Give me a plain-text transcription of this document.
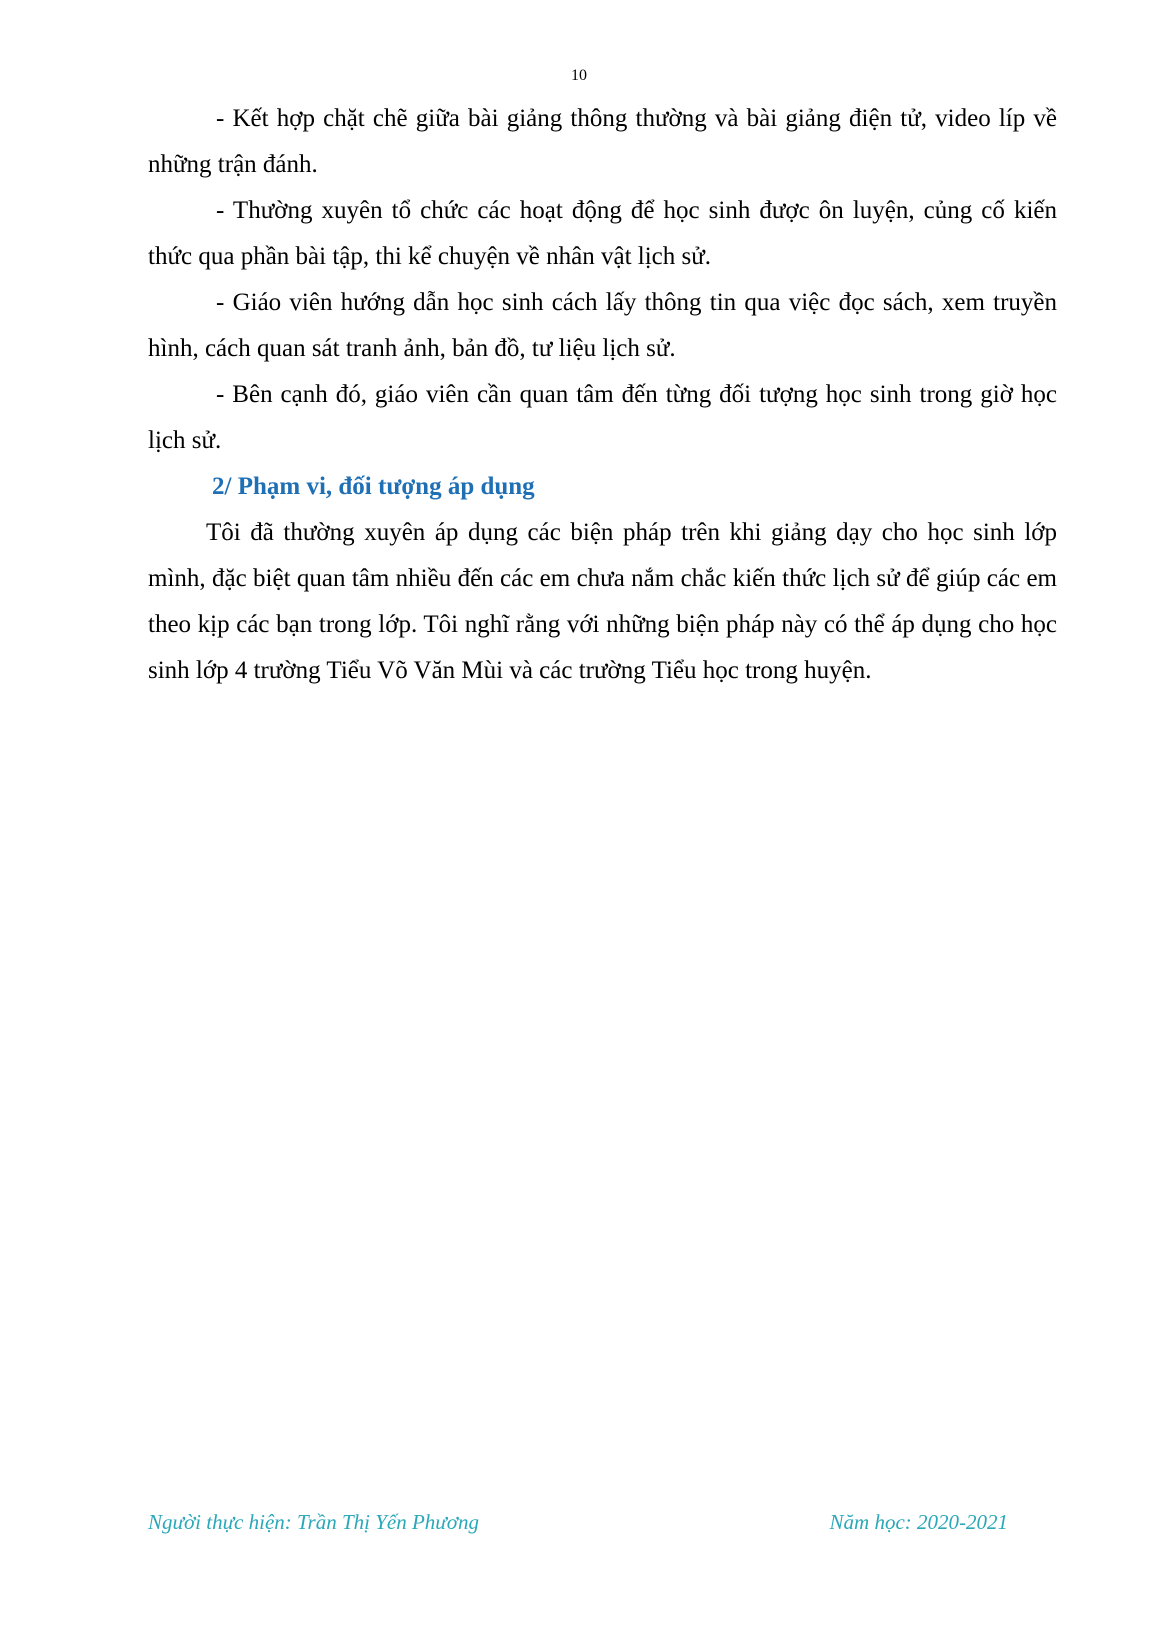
10

- Kết hợp chặt chẽ giữa bài giảng thông thường và bài giảng điện tử, video líp về những trận đánh.

- Thường xuyên tổ chức các hoạt động để học sinh được ôn luyện, củng cố kiến thức qua phần bài tập, thi kể chuyện về nhân vật lịch sử.

- Giáo viên hướng dẫn học sinh cách lấy thông tin qua việc đọc sách, xem truyền hình, cách quan sát tranh ảnh, bản đồ, tư liệu lịch sử.

- Bên cạnh đó, giáo viên cần quan tâm đến từng đối tượng học sinh trong giờ học lịch sử.

2/ Phạm vi, đối tượng áp dụng

Tôi đã thường xuyên áp dụng các biện pháp trên khi giảng dạy cho học sinh lớp mình, đặc biệt quan tâm nhiều đến các em chưa nắm chắc kiến thức lịch sử để giúp các em theo kịp các bạn trong lớp. Tôi nghĩ rằng với những biện pháp này có thể áp dụng cho học sinh lớp 4 trường Tiểu Võ Văn Mùi và các trường Tiểu học trong huyện.

Người thực hiện: Trần Thị Yến Phương	Năm học: 2020-2021
